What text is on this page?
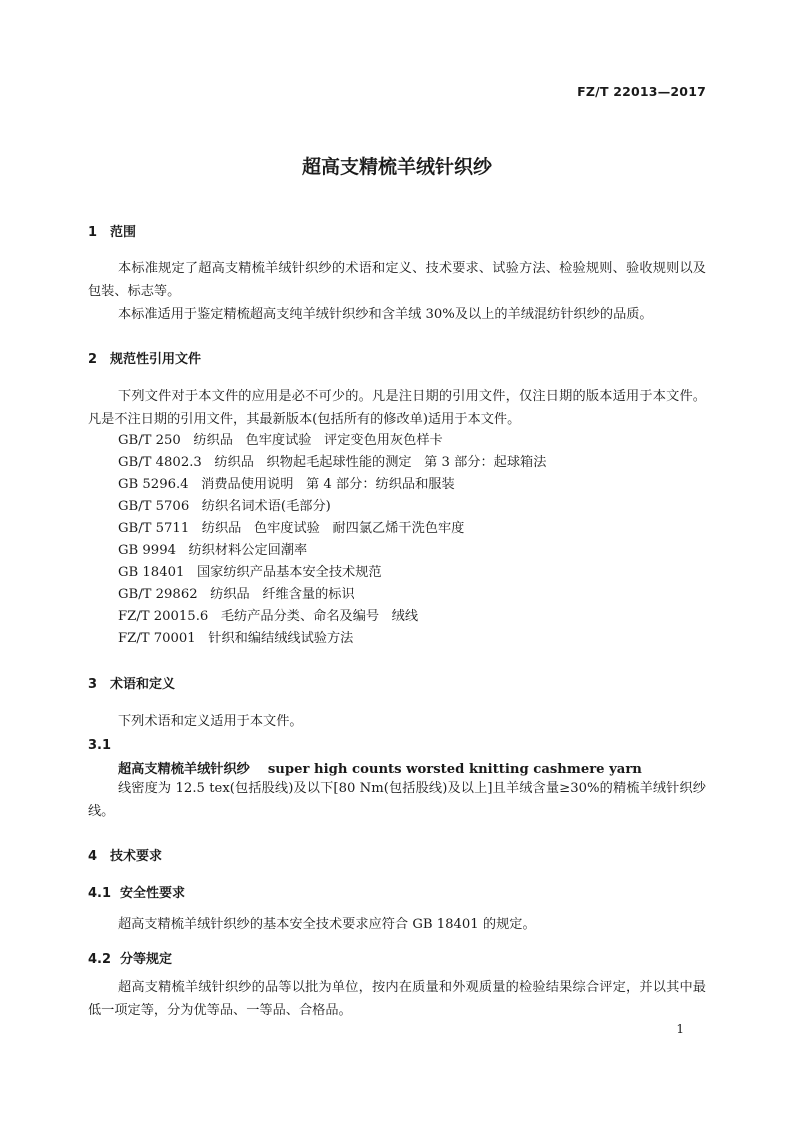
FZ/T 22013—2017
超高支精梳羊绒针织纱
1 范围
本标准规定了超高支精梳羊绒针织纱的术语和定义、技术要求、试验方法、检验规则、验收规则以及包装、标志等。
本标准适用于鉴定精梳超高支纯羊绒针织纱和含羊绒 30%及以上的羊绒混纺针织纱的品质。
2 规范性引用文件
下列文件对于本文件的应用是必不可少的。凡是注日期的引用文件，仅注日期的版本适用于本文件。凡是不注日期的引用文件，其最新版本(包括所有的修改单)适用于本文件。
GB/T 250   纺织品   色牢度试验   评定变色用灰色样卡
GB/T 4802.3   纺织品   织物起毛起球性能的测定   第 3 部分：起球箱法
GB 5296.4   消费品使用说明   第 4 部分：纺织品和服装
GB/T 5706   纺织名词术语(毛部分)
GB/T 5711   纺织品   色牢度试验   耐四氯乙烯干洗色牢度
GB 9994   纺织材料公定回潮率
GB 18401   国家纺织产品基本安全技术规范
GB/T 29862   纺织品   纤维含量的标识
FZ/T 20015.6   毛纺产品分类、命名及编号   绒线
FZ/T 70001   针织和编结绒线试验方法
3 术语和定义
下列术语和定义适用于本文件。
3.1
超高支精梳羊绒针织纱 super high counts worsted knitting cashmere yarn
线密度为 12.5 tex(包括股线)及以下[80 Nm(包括股线)及以上]且羊绒含量≥30%的精梳羊绒针织纱线。
4 技术要求
4.1 安全性要求
超高支精梳羊绒针织纱的基本安全技术要求应符合 GB 18401 的规定。
4.2 分等规定
超高支精梳羊绒针织纱的品等以批为单位，按内在质量和外观质量的检验结果综合评定，并以其中最低一项定等，分为优等品、一等品、合格品。
1
